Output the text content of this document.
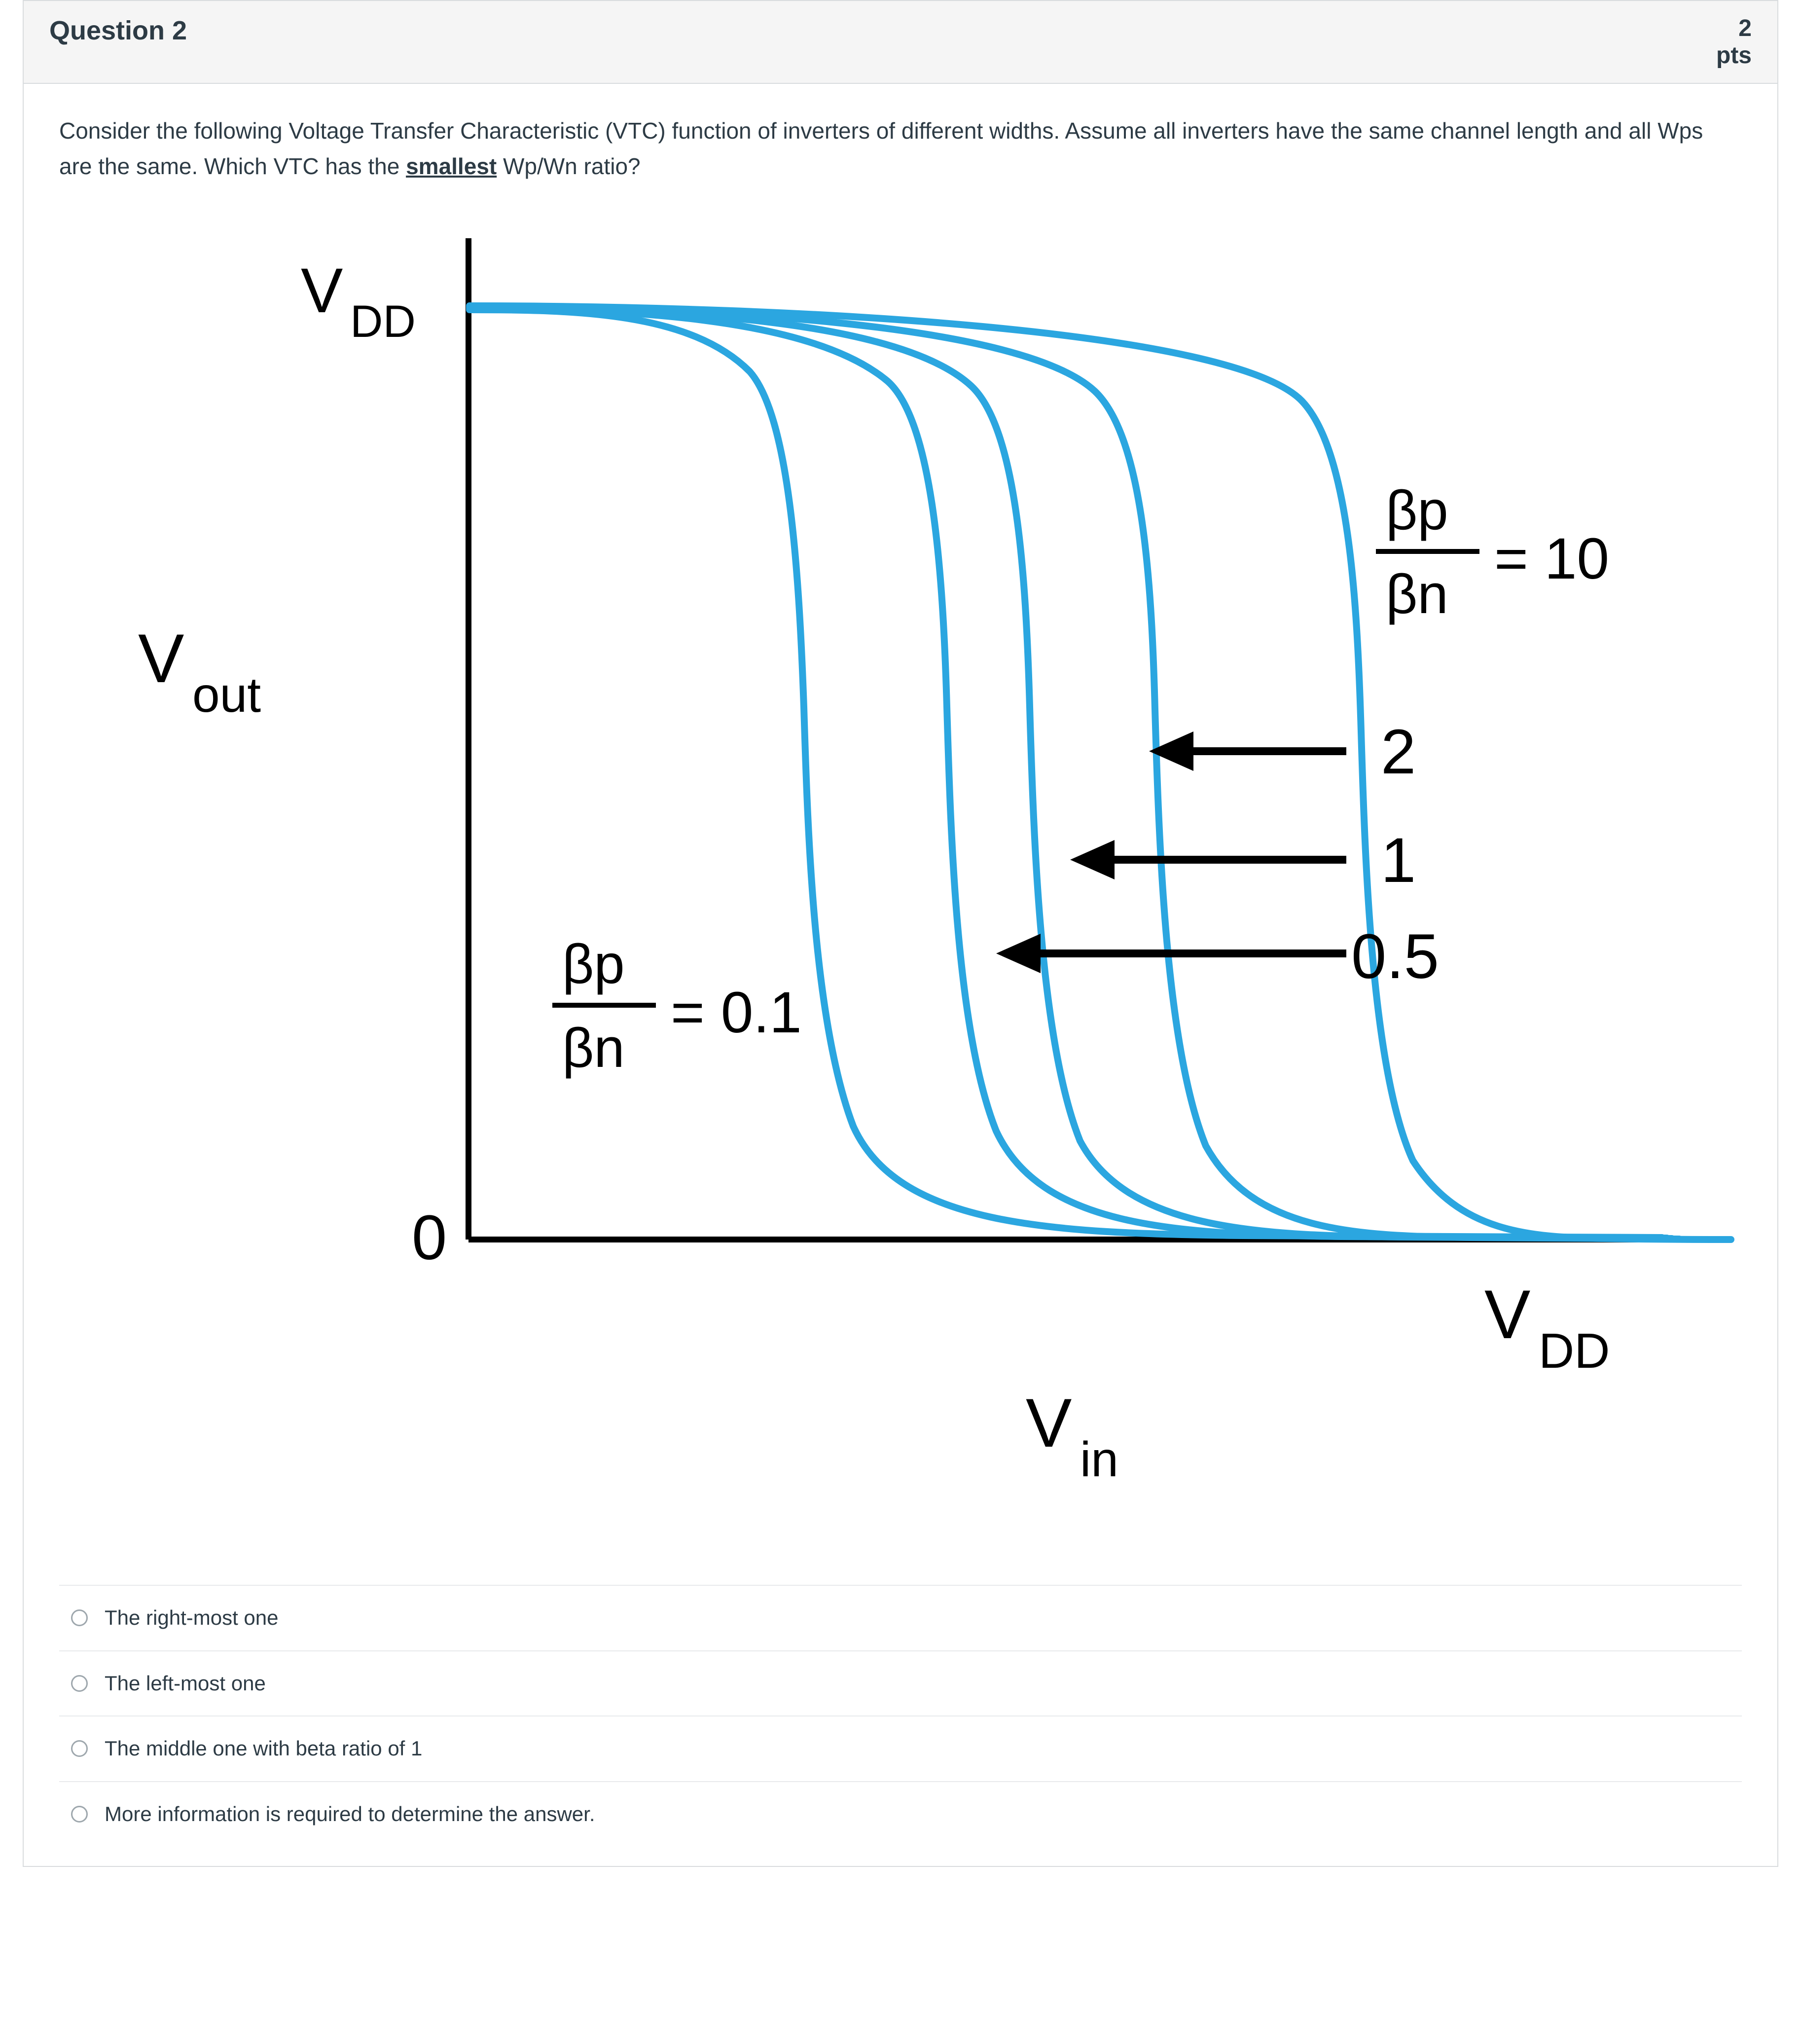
Question 2	2
pts
Consider the following Voltage Transfer Characteristic (VTC) function of inverters of different widths. Assume all inverters have the same channel length and all Wps are the same. Which VTC has the smallest Wp/Wn ratio?
V DD
0
V out
V DD
V in
βp
βn
= 10
βp
βn
= 0.1
2
1
0.5
The right-most one
The left-most one
The middle one with beta ratio of 1
More information is required to determine the answer.
